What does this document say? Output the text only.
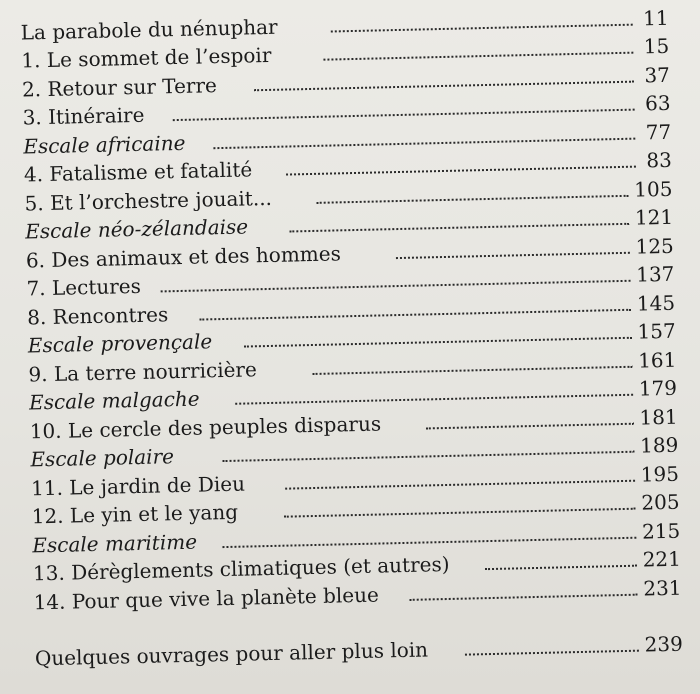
La parabole du nénuphar	11
1. Le sommet de l’espoir	15
2. Retour sur Terre	37
3. Itinéraire	63
Escale africaine	77
4. Fatalisme et fatalité	83
5. Et l’orchestre jouait...	105
Escale néo-zélandaise	121
6. Des animaux et des hommes	125
7. Lectures	137
8. Rencontres	145
Escale provençale	157
9. La terre nourricière	161
Escale malgache	179
10. Le cercle des peuples disparus	181
Escale polaire	189
11. Le jardin de Dieu	195
12. Le yin et le yang	205
Escale maritime	215
13. Dérèglements climatiques (et autres)	221
14. Pour que vive la planète bleue	231
Quelques ouvrages pour aller plus loin	239
